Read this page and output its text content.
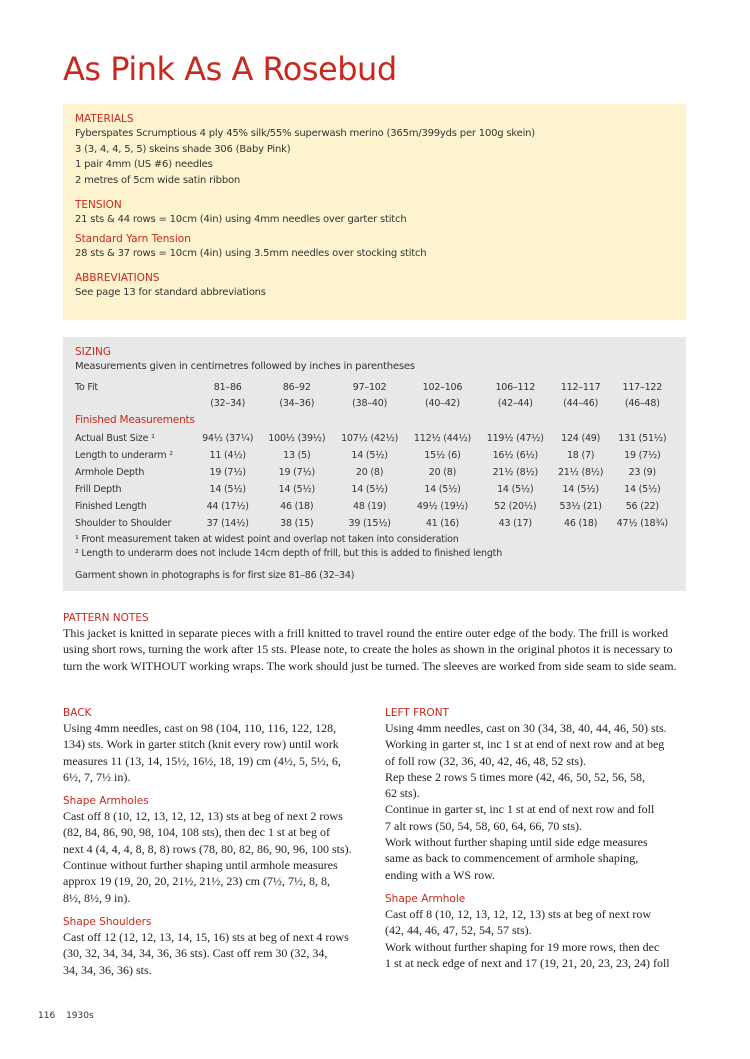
As Pink As A Rosebud
MATERIALS
Fyberspates Scrumptious 4 ply 45% silk/55% superwash merino (365m/399yds per 100g skein)
3 (3, 4, 4, 5, 5) skeins shade 306 (Baby Pink)
1 pair 4mm (US #6) needles
2 metres of 5cm wide satin ribbon
TENSION
21 sts & 44 rows = 10cm (4in) using 4mm needles over garter stitch
Standard Yarn Tension
28 sts & 37 rows = 10cm (4in) using 3.5mm needles over stocking stitch
ABBREVIATIONS
See page 13 for standard abbreviations
SIZING
Measurements given in centimetres followed by inches in parentheses
To Fit	81–86	86–92	97–102	102–106	106–112	112–117	117–122
	(32–34)	(34–36)	(38–40)	(40–42)	(42–44)	(44–46)	(46–48)
Finished Measurements							
Actual Bust Size ¹	94½ (37¼)	100½ (39½)	107½ (42½)	112½ (44½)	119½ (47½)	124 (49)	131 (51½)
Length to underarm ²	11 (4½)	13 (5)	14 (5½)	15½ (6)	16½ (6½)	18 (7)	19 (7½)
Armhole Depth	19 (7½)	19 (7½)	20 (8)	20 (8)	21½ (8½)	21½ (8½)	23 (9)
Frill Depth	14 (5½)	14 (5½)	14 (5½)	14 (5½)	14 (5½)	14 (5½)	14 (5½)
Finished Length	44 (17½)	46 (18)	48 (19)	49½ (19½)	52 (20½)	53½ (21)	56 (22)
Shoulder to Shoulder	37 (14½)	38 (15)	39 (15½)	41 (16)	43 (17)	46 (18)	47½ (18¾)
¹ Front measurement taken at widest point and overlap not taken into consideration
² Length to underarm does not include 14cm depth of frill, but this is added to finished length
Garment shown in photographs is for first size 81–86 (32–34)
PATTERN NOTES

This jacket is knitted in separate pieces with a frill knitted to travel round the entire outer edge of the body. The frill is worked using short rows, turning the work after 15 sts. Please note, to create the holes as shown in the original photos it is necessary to turn the work WITHOUT working wraps. The work should just be turned. The sleeves are worked from side seam to side seam.

BACK
Using 4mm needles, cast on 98 (104, 110, 116, 122, 128,
134) sts. Work in garter stitch (knit every row) until work
measures 11 (13, 14, 15½, 16½, 18, 19) cm (4½, 5, 5½, 6,
6½, 7, 7½ in).
Shape Armholes
Cast off 8 (10, 12, 13, 12, 12, 13) sts at beg of next 2 rows
(82, 84, 86, 90, 98, 104, 108 sts), then dec 1 st at beg of
next 4 (4, 4, 4, 8, 8, 8) rows (78, 80, 82, 86, 90, 96, 100 sts).
Continue without further shaping until armhole measures
approx 19 (19, 20, 20, 21½, 21½, 23) cm (7½, 7½, 8, 8,
8½, 8½, 9 in).
Shape Shoulders
Cast off 12 (12, 12, 13, 14, 15, 16) sts at beg of next 4 rows
(30, 32, 34, 34, 34, 36, 36 sts). Cast off rem 30 (32, 34,
34, 34, 36, 36) sts.
LEFT FRONT
Using 4mm needles, cast on 30 (34, 38, 40, 44, 46, 50) sts.
Working in garter st, inc 1 st at end of next row and at beg
of foll row (32, 36, 40, 42, 46, 48, 52 sts).
Rep these 2 rows 5 times more (42, 46, 50, 52, 56, 58,
62 sts).
Continue in garter st, inc 1 st at end of next row and foll
7 alt rows (50, 54, 58, 60, 64, 66, 70 sts).
Work without further shaping until side edge measures
same as back to commencement of armhole shaping,
ending with a WS row.
Shape Armhole
Cast off 8 (10, 12, 13, 12, 12, 13) sts at beg of next row
(42, 44, 46, 47, 52, 54, 57 sts).
Work without further shaping for 19 more rows, then dec
1 st at neck edge of next and 17 (19, 21, 20, 23, 23, 24) foll
116 1930s
